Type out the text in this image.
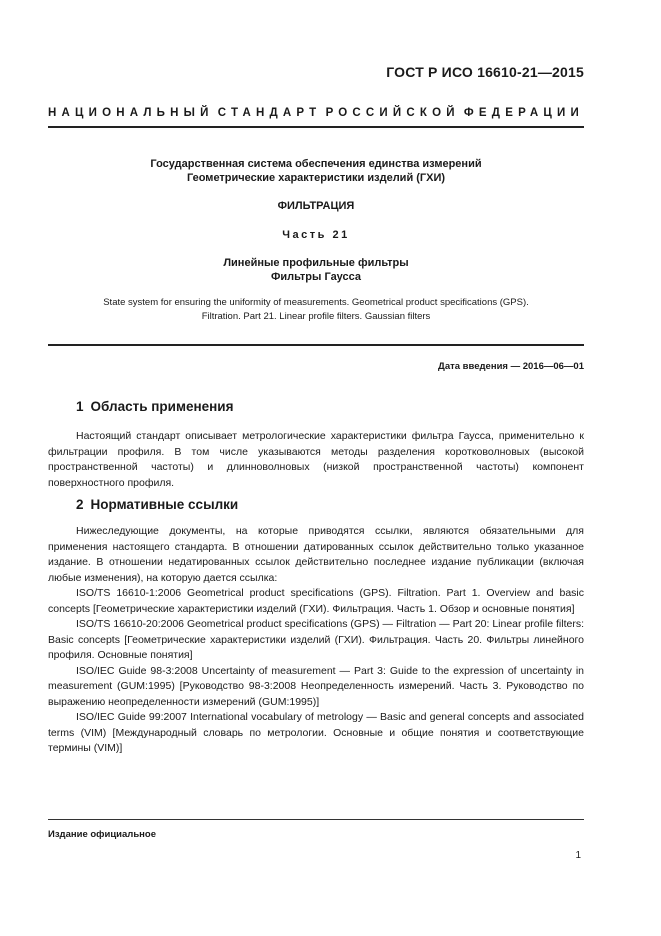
ГОСТ Р ИСО 16610-21—2015
НАЦИОНАЛЬНЫЙ СТАНДАРТ РОССИЙСКОЙ ФЕДЕРАЦИИ
Государственная система обеспечения единства измерений
Геометрические характеристики изделий (ГХИ)
ФИЛЬТРАЦИЯ
Часть 21
Линейные профильные фильтры
Фильтры Гаусса
State system for ensuring the uniformity of measurements. Geometrical product specifications (GPS).
Filtration. Part 21. Linear profile filters. Gaussian filters
Дата введения — 2016—06—01
1 Область применения

Настоящий стандарт описывает метрологические характеристики фильтра Гаусса, применительно к фильтрации профиля. В том числе указываются методы разделения коротковолновых (высокой пространственной частоты) и длинноволновых (низкой пространственной частоты) компонент поверхностного профиля.

2 Нормативные ссылки

Нижеследующие документы, на которые приводятся ссылки, являются обязательными для применения настоящего стандарта. В отношении датированных ссылок действительно только указанное издание. В отношении недатированных ссылок действительно последнее издание публикации (включая любые изменения), на которую дается ссылка:

ISO/TS 16610-1:2006 Geometrical product specifications (GPS). Filtration. Part 1. Overview and basic concepts [Геометрические характеристики изделий (ГХИ). Фильтрация. Часть 1. Обзор и основные понятия]

ISO/TS 16610-20:2006 Geometrical product specifications (GPS) — Filtration — Part 20: Linear profile filters: Basic concepts [Геометрические характеристики изделий (ГХИ). Фильтрация. Часть 20. Фильтры линейного профиля. Основные понятия]

ISO/IEC Guide 98-3:2008 Uncertainty of measurement — Part 3: Guide to the expression of uncertainty in measurement (GUM:1995) [Руководство 98-3:2008 Неопределенность измерений. Часть 3. Руководство по выражению неопределенности измерений (GUM:1995)]

ISO/IEC Guide 99:2007 International vocabulary of metrology — Basic and general concepts and associated terms (VIM) [Международный словарь по метрологии. Основные и общие понятия и соответствующие термины (VIM)]

Издание официальное
1
